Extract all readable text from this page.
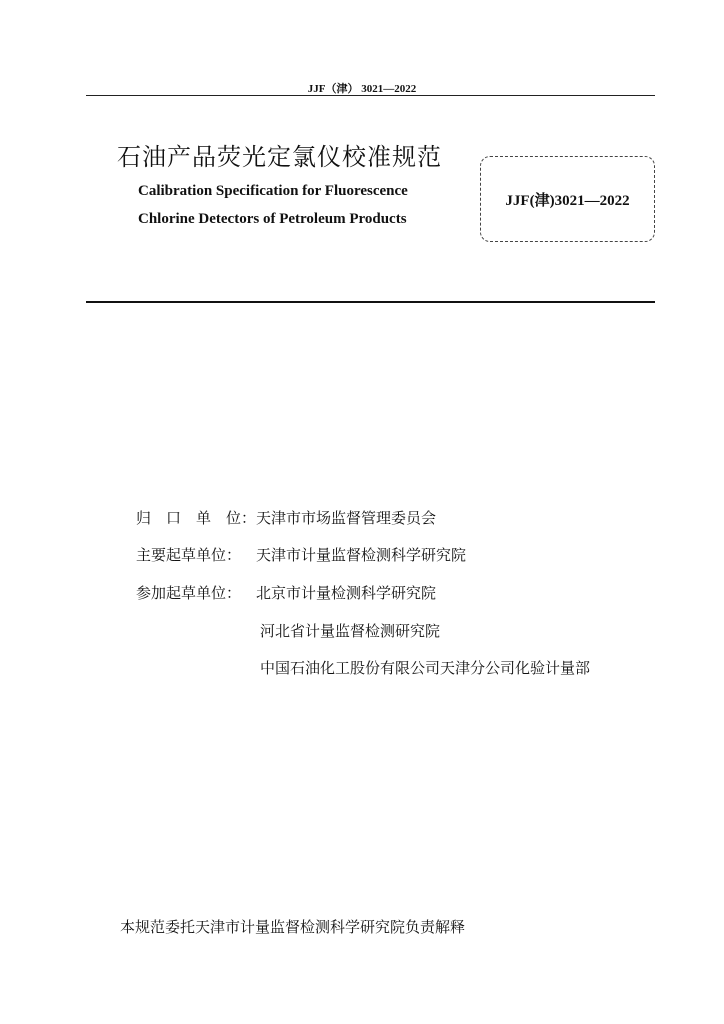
JJF（津） 3021—2022
石油产品荧光定氯仪校准规范
Calibration Specification for Fluorescence
Chlorine Detectors of Petroleum Products
JJF(津)3021—2022
归　口　单　位：天津市市场监督管理委员会
主要起草单位： 天津市计量监督检测科学研究院
参加起草单位： 北京市计量检测科学研究院
河北省计量监督检测研究院
中国石油化工股份有限公司天津分公司化验计量部
本规范委托天津市计量监督检测科学研究院负责解释
